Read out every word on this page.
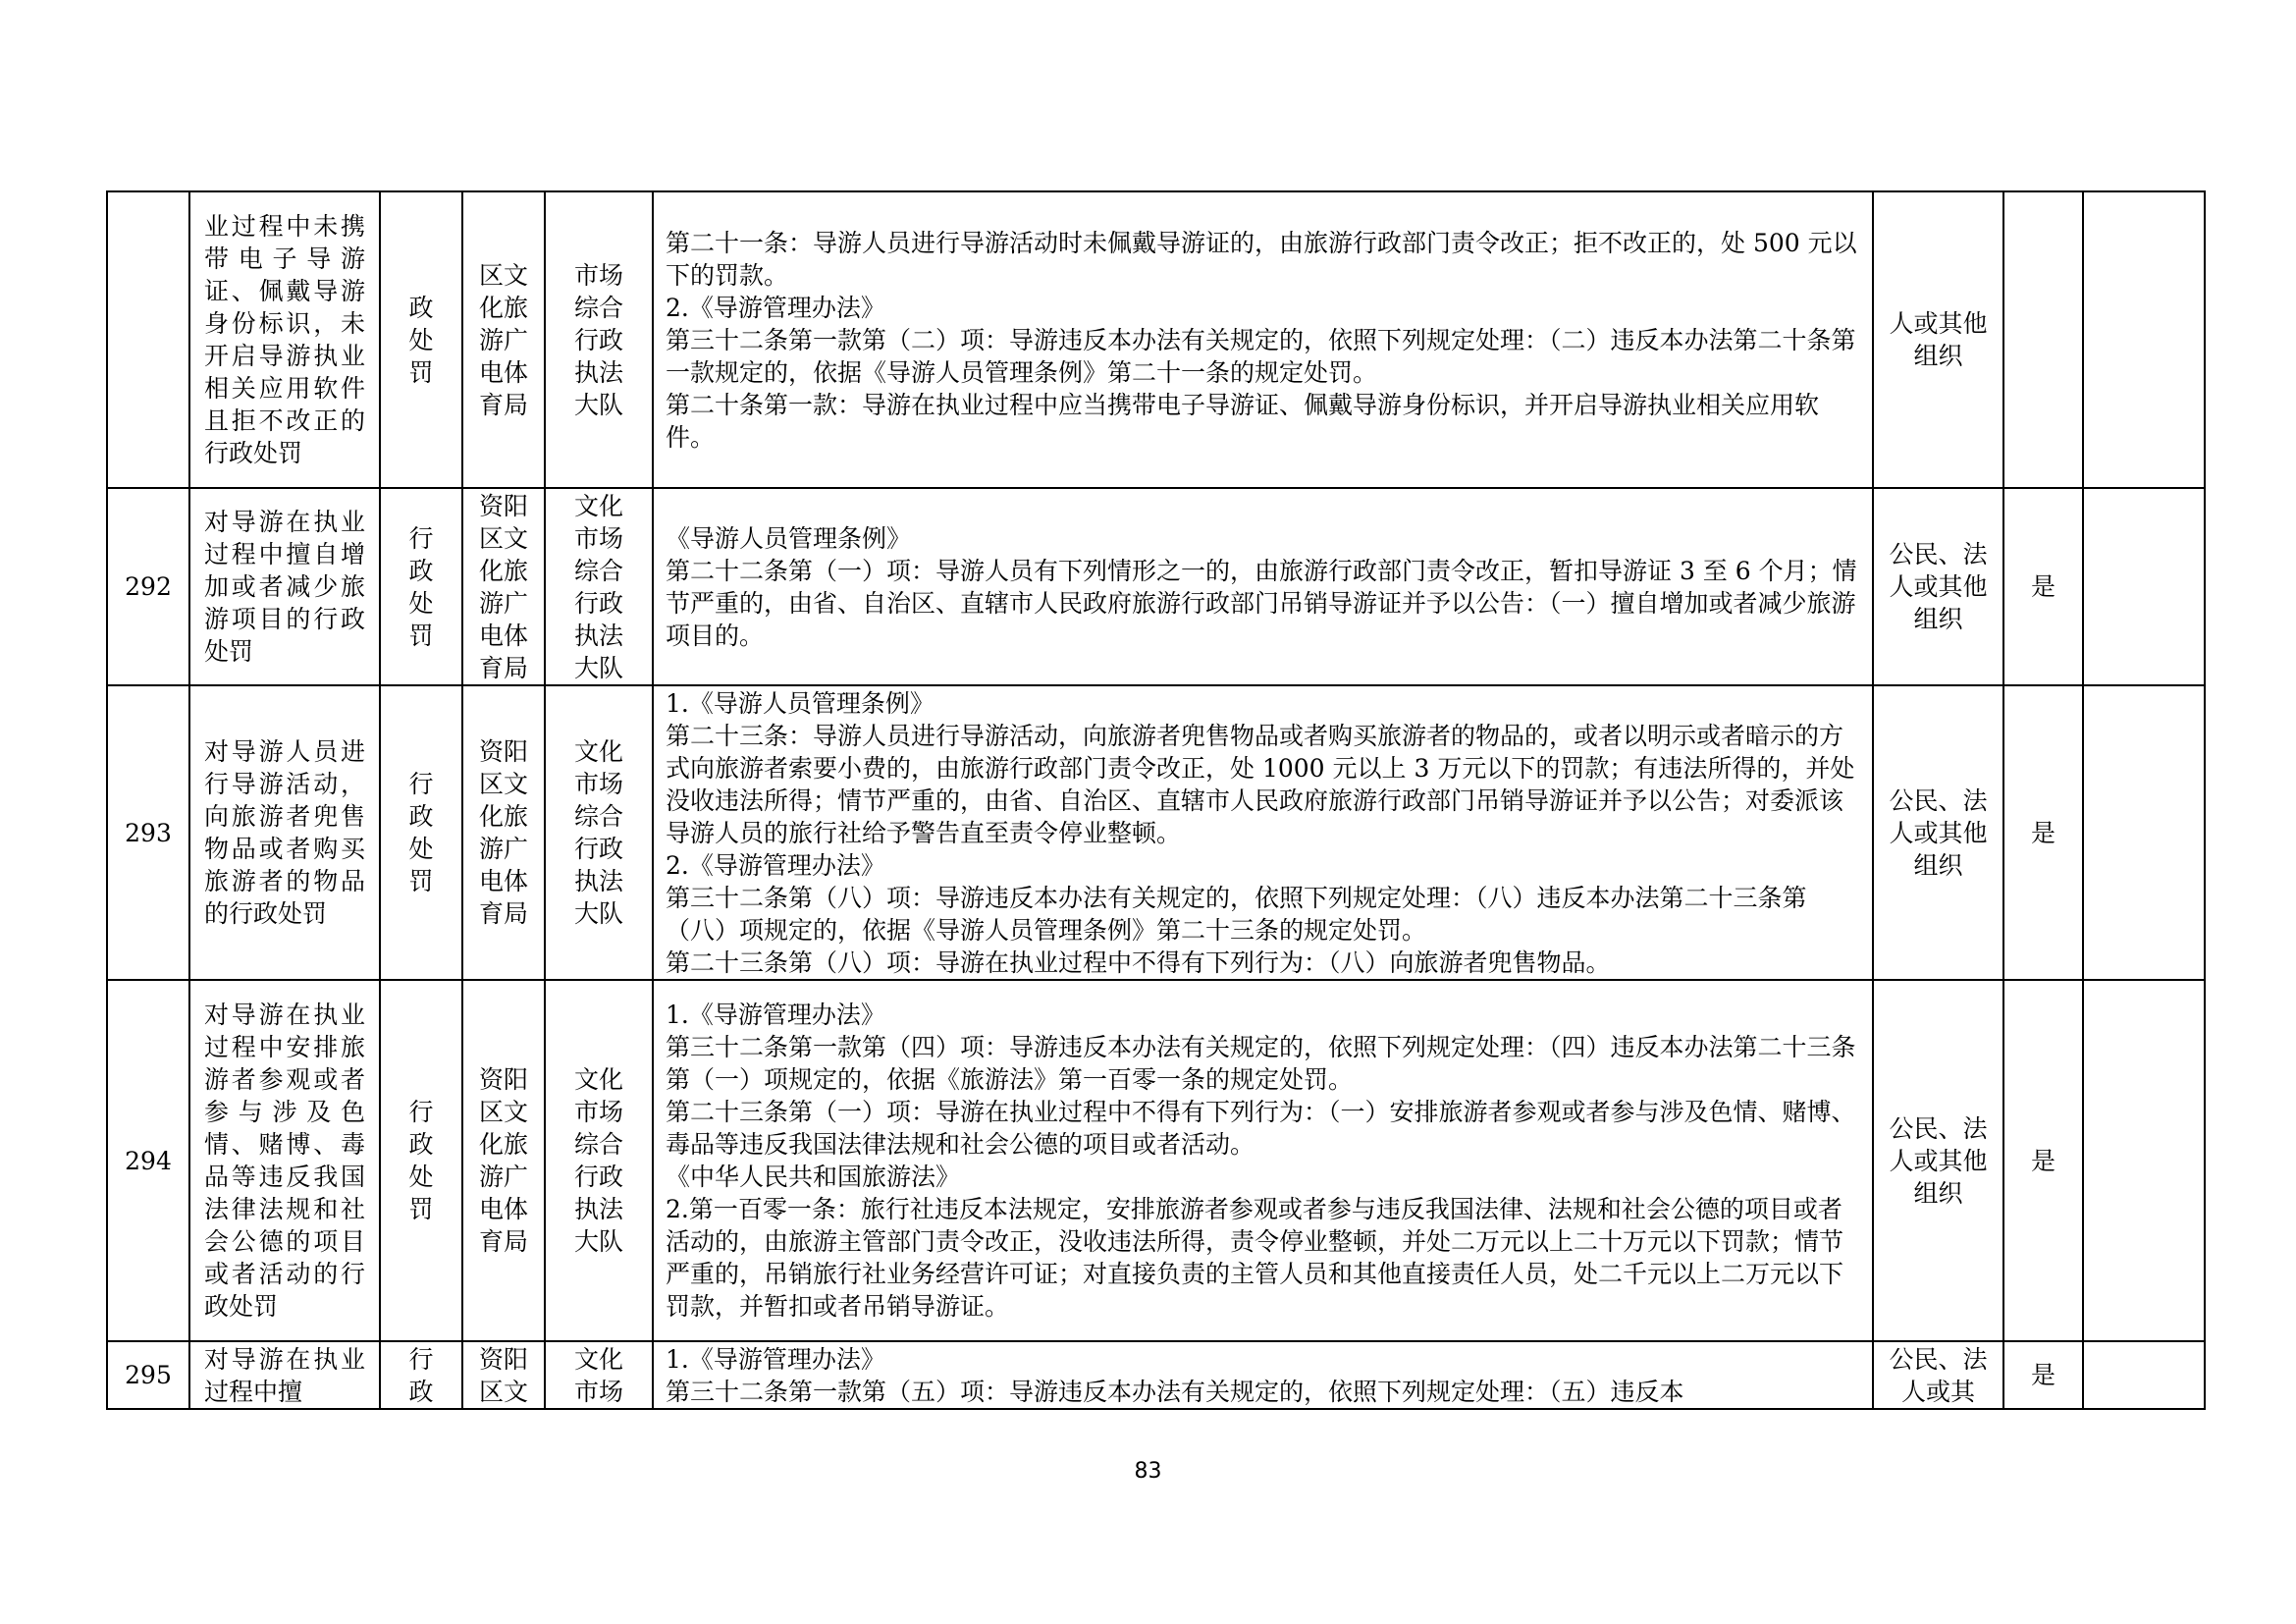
	业过程中未携带电子导游证、佩戴导游身份标识，未开启导游执业相关应用软件且拒不改正的行政处罚	政处罚	区文化旅游广电体育局	市场综合行政执法大队	第二十一条：导游人员进行导游活动时未佩戴导游证的，由旅游行政部门责令改正；拒不改正的，处 500 元以下的罚款。
2.《导游管理办法》
第三十二条第一款第（二）项：导游违反本办法有关规定的，依照下列规定处理：（二）违反本办法第二十条第一款规定的，依据《导游人员管理条例》第二十一条的规定处罚。
第二十条第一款：导游在执业过程中应当携带电子导游证、佩戴导游身份标识，并开启导游执业相关应用软件。	人或其他组织		
292	对导游在执业过程中擅自增加或者减少旅游项目的行政处罚	行政处罚	资阳区文化旅游广电体育局	文化市场综合行政执法大队	《导游人员管理条例》
第二十二条第（一）项：导游人员有下列情形之一的，由旅游行政部门责令改正，暂扣导游证 3 至 6 个月；情节严重的，由省、自治区、直辖市人民政府旅游行政部门吊销导游证并予以公告：（一）擅自增加或者减少旅游项目的。	公民、法人或其他组织	是	
293	对导游人员进行导游活动，向旅游者兜售物品或者购买旅游者的物品的行政处罚	行政处罚	资阳区文化旅游广电体育局	文化市场综合行政执法大队	1.《导游人员管理条例》
第二十三条：导游人员进行导游活动，向旅游者兜售物品或者购买旅游者的物品的，或者以明示或者暗示的方式向旅游者索要小费的，由旅游行政部门责令改正，处 1000 元以上 3 万元以下的罚款；有违法所得的，并处没收违法所得；情节严重的，由省、自治区、直辖市人民政府旅游行政部门吊销导游证并予以公告；对委派该导游人员的旅行社给予警告直至责令停业整顿。
2.《导游管理办法》
第三十二条第（八）项：导游违反本办法有关规定的，依照下列规定处理：（八）违反本办法第二十三条第（八）项规定的，依据《导游人员管理条例》第二十三条的规定处罚。
第二十三条第（八）项：导游在执业过程中不得有下列行为：（八）向旅游者兜售物品。	公民、法人或其他组织	是	
294	对导游在执业过程中安排旅游者参观或者参与涉及色情、赌博、毒品等违反我国法律法规和社会公德的项目或者活动的行政处罚	行政处罚	资阳区文化旅游广电体育局	文化市场综合行政执法大队	1.《导游管理办法》
第三十二条第一款第（四）项：导游违反本办法有关规定的，依照下列规定处理：（四）违反本办法第二十三条第（一）项规定的，依据《旅游法》第一百零一条的规定处罚。
第二十三条第（一）项：导游在执业过程中不得有下列行为：（一）安排旅游者参观或者参与涉及色情、赌博、毒品等违反我国法律法规和社会公德的项目或者活动。
《中华人民共和国旅游法》
2.第一百零一条：旅行社违反本法规定，安排旅游者参观或者参与违反我国法律、法规和社会公德的项目或者活动的，由旅游主管部门责令改正，没收违法所得，责令停业整顿，并处二万元以上二十万元以下罚款；情节严重的，吊销旅行社业务经营许可证；对直接负责的主管人员和其他直接责任人员，处二千元以上二万元以下罚款，并暂扣或者吊销导游证。	公民、法人或其他组织	是	
295	对导游在执业过程中擅	行政	资阳区文	文化市场	1.《导游管理办法》
第三十二条第一款第（五）项：导游违反本办法有关规定的，依照下列规定处理：（五）违反本	公民、法人或其	是	
83
